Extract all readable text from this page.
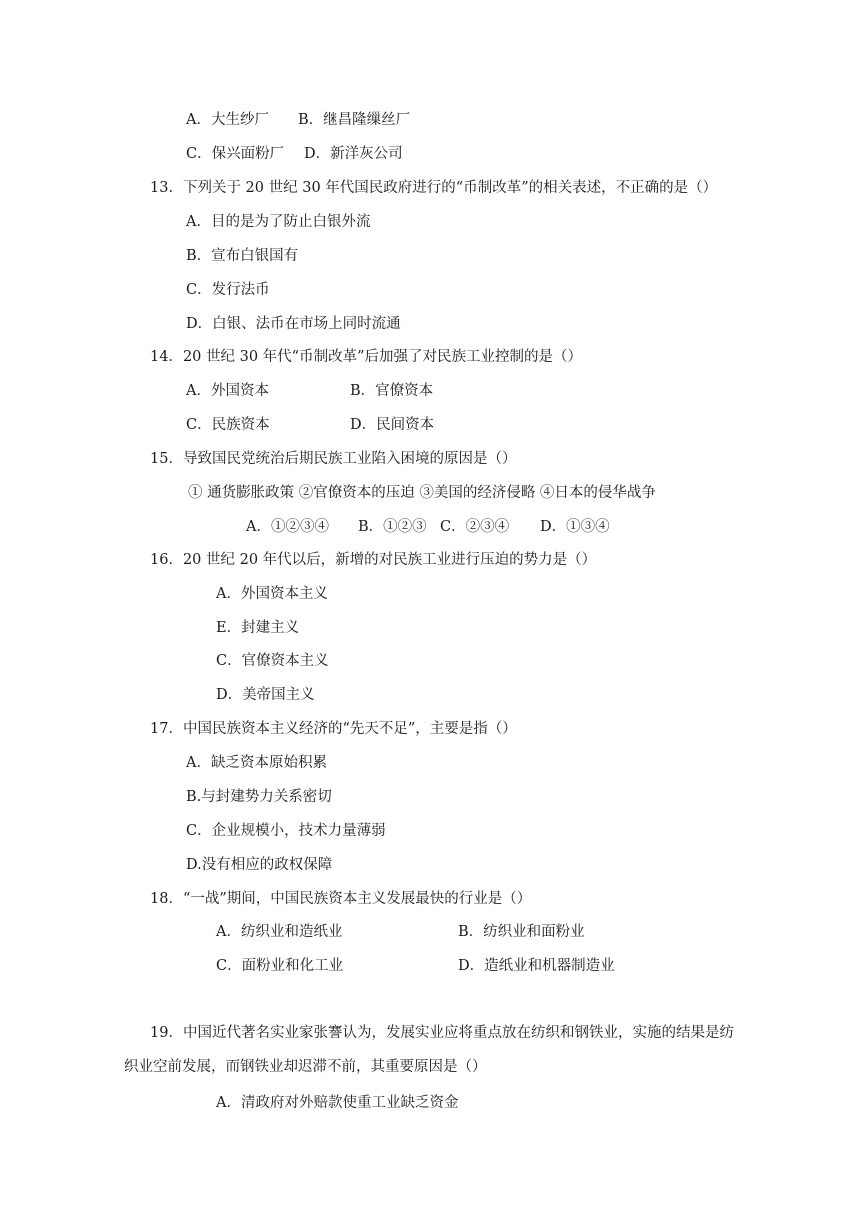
A．大生纱厂 B．继昌隆缫丝厂
C．保兴面粉厂 D．新洋灰公司
13．下列关于 20 世纪 30 年代国民政府进行的“币制改革”的相关表述，不正确的是（）
A．目的是为了防止白银外流
B．宣布白银国有
C．发行法币
D．白银、法币在市场上同时流通
14．20 世纪 30 年代“币制改革”后加强了对民族工业控制的是（）
A．外国资本	B．官僚资本
C．民族资本	D．民间资本
15．导致国民党统治后期民族工业陷入困境的原因是（）
① 通货膨胀政策 ②官僚资本的压迫 ③美国的经济侵略 ④日本的侵华战争
A．①②③④ B．①②③ C．②③④ D．①③④
16．20 世纪 20 年代以后，新增的对民族工业进行压迫的势力是（）
A．外国资本主义
E．封建主义
C．官僚资本主义
D．美帝国主义
17．中国民族资本主义经济的“先天不足”，主要是指（）
A．缺乏资本原始积累
B.与封建势力关系密切
C．企业规模小，技术力量薄弱
D.没有相应的政权保障
18．“一战”期间，中国民族资本主义发展最快的行业是（）
A．纺织业和造纸业	B．纺织业和面粉业
C．面粉业和化工业	D．造纸业和机器制造业
19．中国近代著名实业家张謇认为，发展实业应将重点放在纺织和钢铁业，实施的结果是纺
织业空前发展，而钢铁业却迟滞不前，其重要原因是（）
A．清政府对外赔款使重工业缺乏资金
